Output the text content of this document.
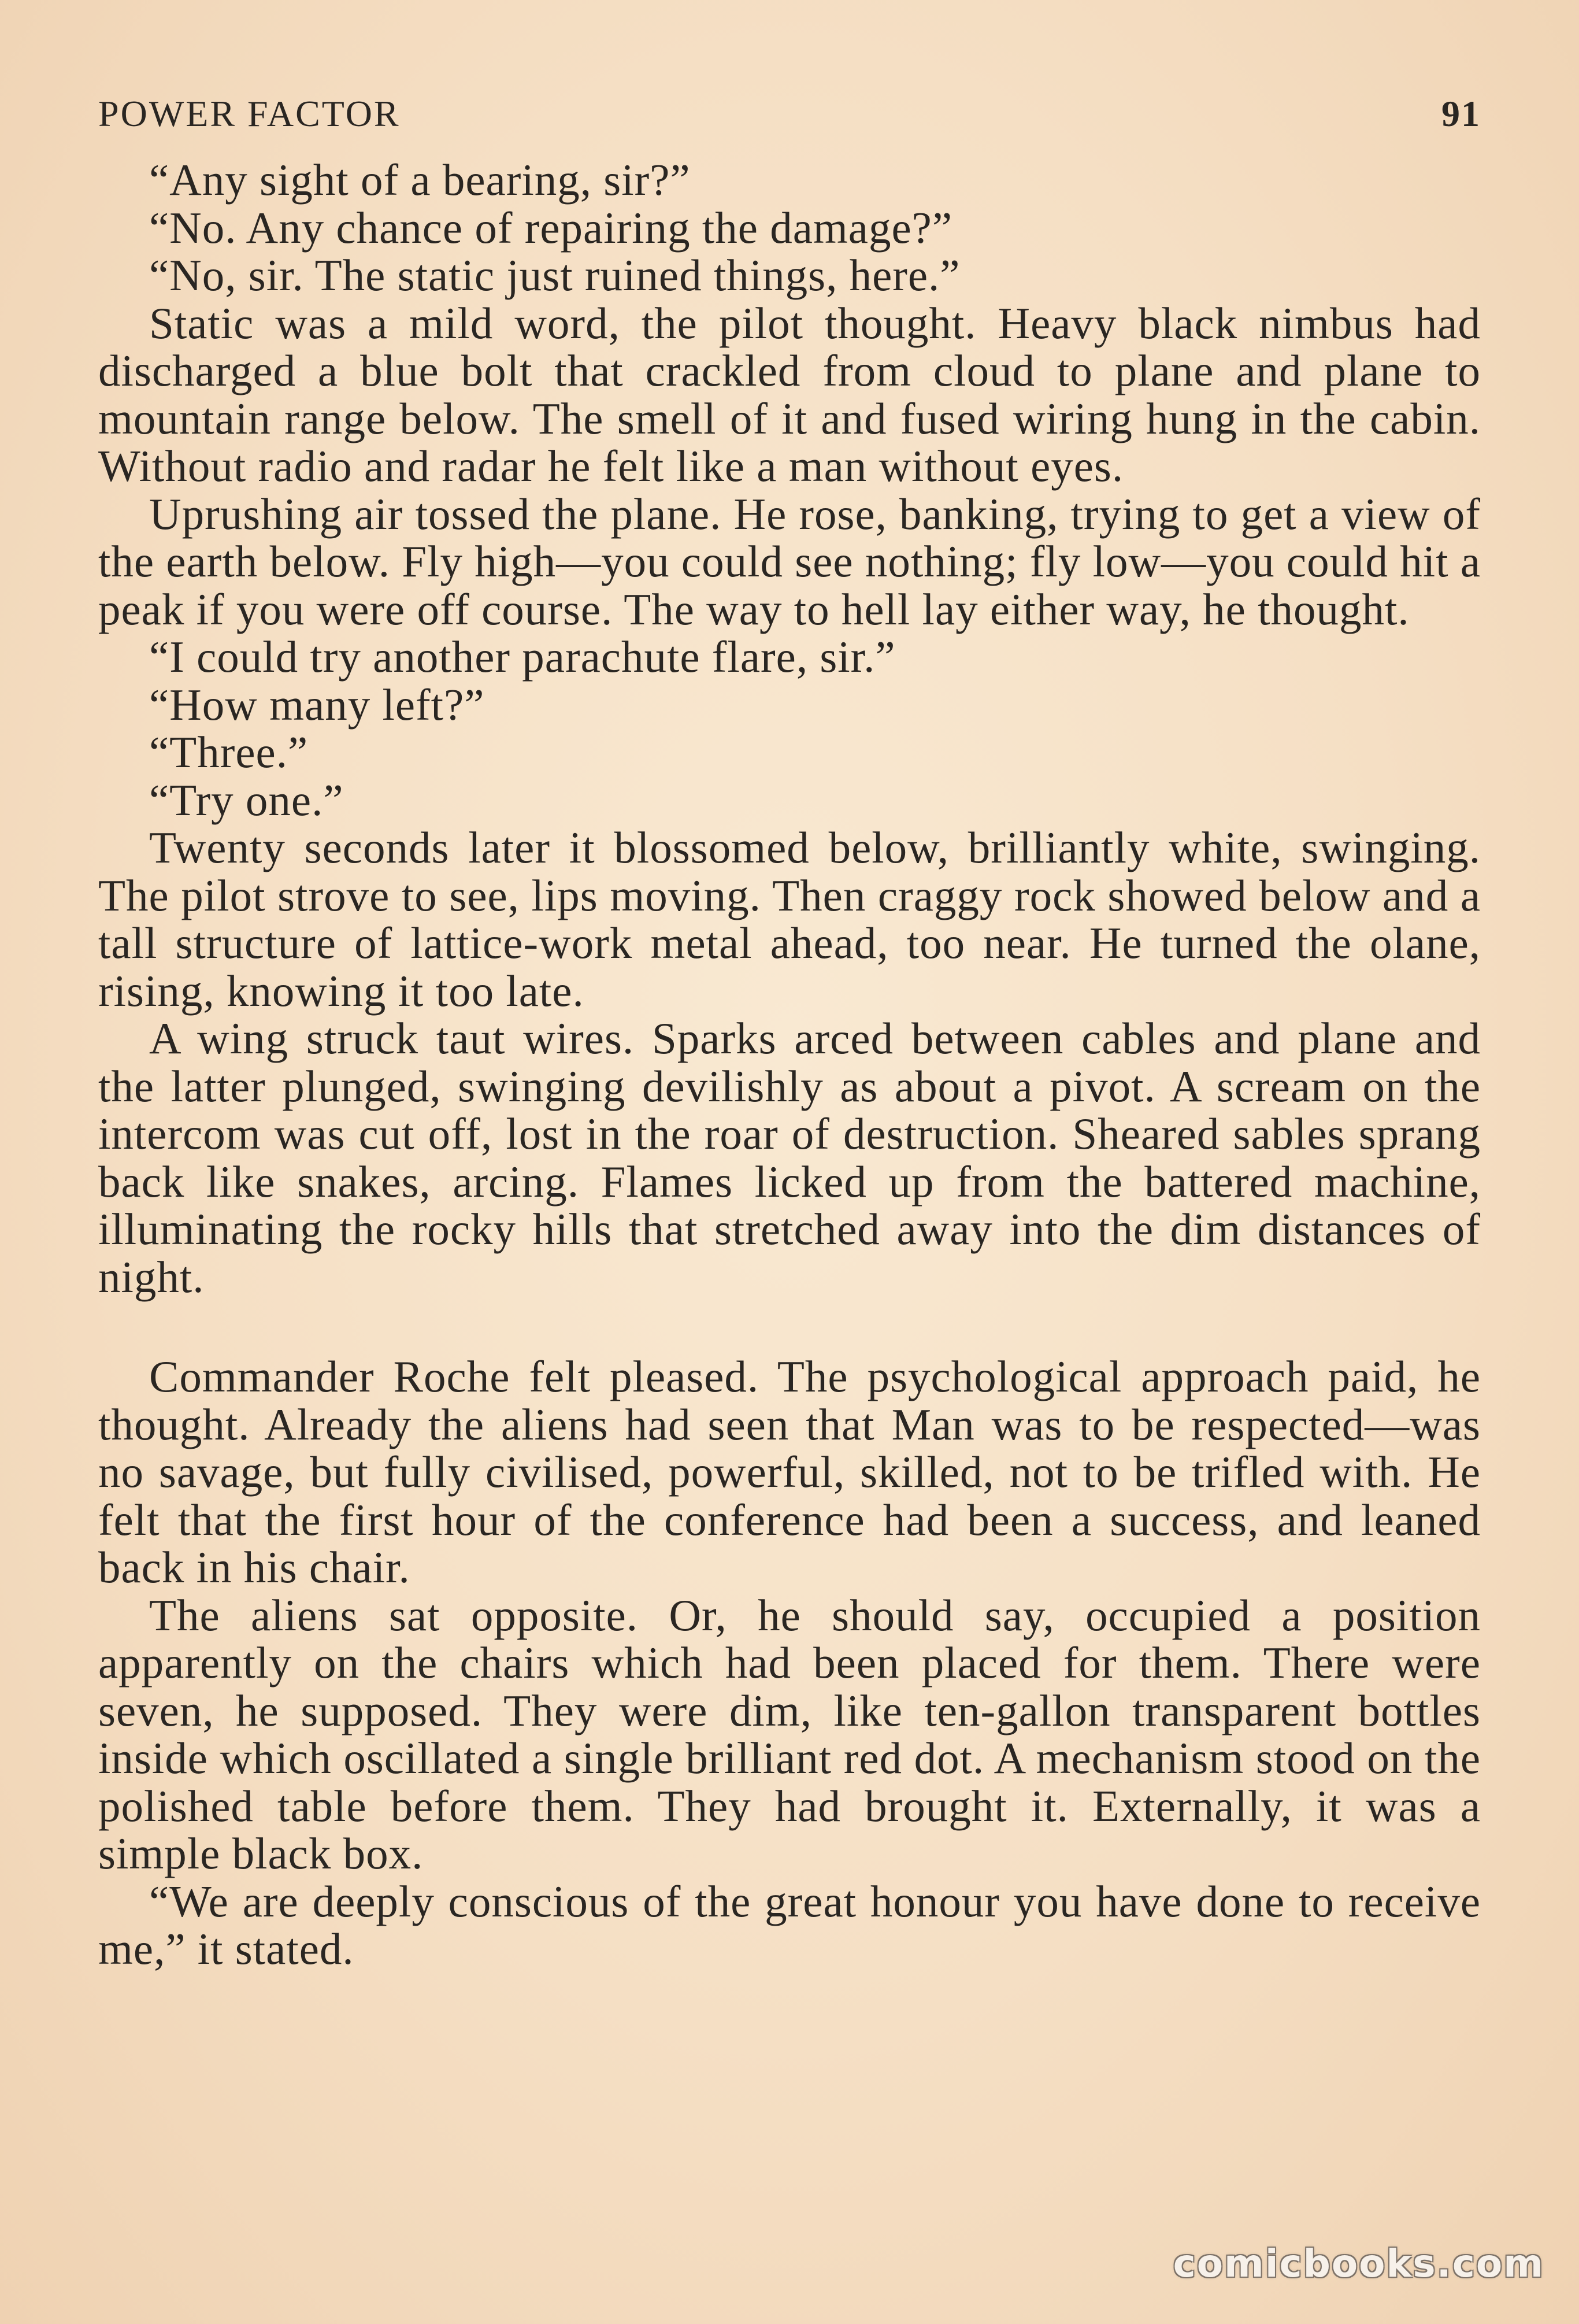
POWER FACTOR	91

“Any sight of a bearing, sir?”

“No. Any chance of repairing the damage?”

“No, sir. The static just ruined things, here.”

Static was a mild word, the pilot thought. Heavy black nimbus had discharged a blue bolt that crackled from cloud to plane and plane to mountain range below. The smell of it and fused wiring hung in the cabin. Without radio and radar he felt like a man without eyes.

Uprushing air tossed the plane. He rose, banking, trying to get a view of the earth below. Fly high—you could see nothing; fly low—you could hit a peak if you were off course. The way to hell lay either way, he thought.

“I could try another parachute flare, sir.”

“How many left?”

“Three.”

“Try one.”

Twenty seconds later it blossomed below, brilliantly white, swinging. The pilot strove to see, lips moving. Then craggy rock showed below and a tall structure of lattice-work metal ahead, too near. He turned the olane, rising, knowing it too late.

A wing struck taut wires. Sparks arced between cables and plane and the latter plunged, swinging devilishly as about a pivot. A scream on the intercom was cut off, lost in the roar of destruction. Sheared sables sprang back like snakes, arcing. Flames licked up from the battered machine, illuminating the rocky hills that stretched away into the dim distances of night.

Commander Roche felt pleased. The psychological approach paid, he thought. Already the aliens had seen that Man was to be respected—was no savage, but fully civilised, powerful, skilled, not to be trifled with. He felt that the first hour of the conference had been a success, and leaned back in his chair.

The aliens sat opposite. Or, he should say, occupied a position apparently on the chairs which had been placed for them. There were seven, he supposed. They were dim, like ten-gallon transparent bottles inside which oscillated a single brilliant red dot. A mechanism stood on the polished table before them. They had brought it. Externally, it was a simple black box.

“We are deeply conscious of the great honour you have done to receive me,” it stated.

comicbooks.com
